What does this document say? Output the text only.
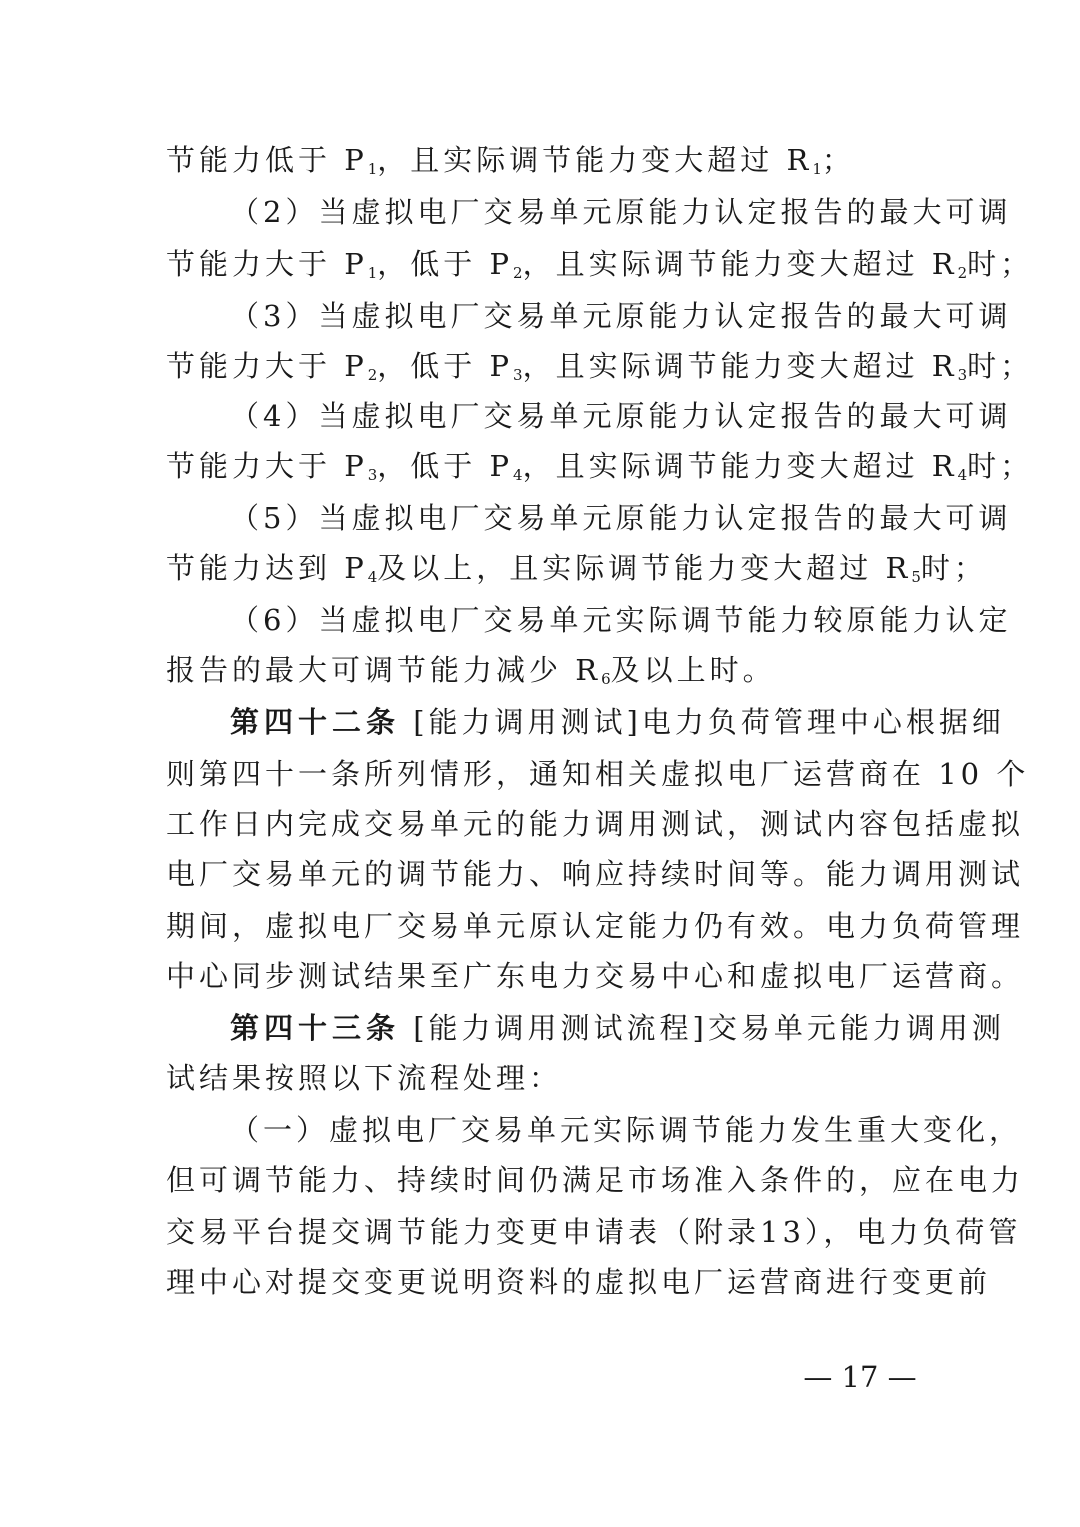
节能力低于 $P_1$，且实际调节能力变大超过 $R_1$；
（2）当虚拟电厂交易单元原能力认定报告的最大可调
节能力大于 $P_1$，低于 $P_2$，且实际调节能力变大超过 $R_2$时；
（3）当虚拟电厂交易单元原能力认定报告的最大可调
节能力大于 $P_2$，低于 $P_3$，且实际调节能力变大超过 $R_3$时；
（4）当虚拟电厂交易单元原能力认定报告的最大可调
节能力大于 $P_3$，低于 $P_4$，且实际调节能力变大超过 $R_4$时；
（5）当虚拟电厂交易单元原能力认定报告的最大可调
节能力达到 $P_4$及以上，且实际调节能力变大超过 $R_5$时；
（6）当虚拟电厂交易单元实际调节能力较原能力认定
报告的最大可调节能力减少 $R_6$及以上时。
第四十二条 [能力调用测试]电力负荷管理中心根据细
则第四十一条所列情形，通知相关虚拟电厂运营商在 10 个
工作日内完成交易单元的能力调用测试，测试内容包括虚拟
电厂交易单元的调节能力、响应持续时间等。能力调用测试
期间，虚拟电厂交易单元原认定能力仍有效。电力负荷管理
中心同步测试结果至广东电力交易中心和虚拟电厂运营商。
第四十三条 [能力调用测试流程]交易单元能力调用测
试结果按照以下流程处理：
（一）虚拟电厂交易单元实际调节能力发生重大变化，
但可调节能力、持续时间仍满足市场准入条件的，应在电力
交易平台提交调节能力变更申请表（附录13），电力负荷管
理中心对提交变更说明资料的虚拟电厂运营商进行变更前
— 17 —
